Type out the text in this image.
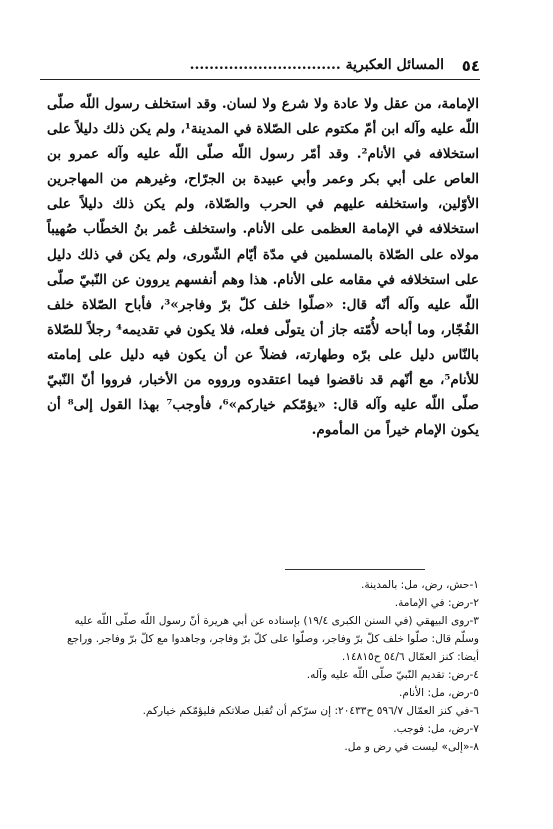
٥٤
المسائل العكبرية ...............................

الإمامة، من عقل ولا عادة ولا شرع ولا لسان. وقد استخلف رسول اللّه صلّى اللّه عليه وآله ابن أمّ مكتوم على الصّلاة في المدينة¹، ولم يكن ذلك دليلاً على استخلافه في الأنام². وقد أمّر رسول اللّه صلّى اللّه عليه وآله عمرو بن العاص على أبي بكر وعمر وأبي عبيدة بن الجرّاح، وغيرهم من المهاجرين الأوّلين، واستخلفه عليهم في الحرب والصّلاة، ولم يكن ذلك دليلاً على استخلافه في الإمامة العظمى على الأنام. واستخلف عُمر بنُ الخطّاب صُهيباً مولاه على الصّلاة بالمسلمين في مدّة أيّام الشّورى، ولم يكن في ذلك دليل على استخلافه في مقامه على الأنام. هذا وهم أنفسهم يروون عن النّبيّ صلّى اللّه عليه وآله أنّه قال: «صلّوا خلف كلّ برّ وفاجر»³، فأباح الصّلاة خلف الفُجّار، وما أباحه لأُمّته جاز أن يتولّى فعله، فلا يكون في تقديمه⁴ رجلاً للصّلاة بالنّاس دليل على برّه وطهارته، فضلاً عن أن يكون فيه دليل على إمامته للأنام⁵، مع أنّهم قد ناقضوا فيما اعتقدوه ورووه من الأخبار، فرووا أنّ النّبيّ صلّى اللّه عليه وآله قال: «يؤمّكم خياركم»⁶، فأوجب⁷ بهذا القول إلى⁸ أن يكون الإمام خيراً من المأموم.

١-حش، رض، مل: بالمدينة.

٢-رض: في الإمامة.

٣-روى البيهقي (في السنن الكبرى ١٩/٤) بإسناده عن أبي هريرة أنّ رسول اللّه صلّى اللّه عليه وسلّم قال: صلّوا خلف كلّ برّ وفاجر، وصلّوا على كلّ برّ وفاجر، وجاهدوا مع كلّ برّ وفاجر. وراجع أيضا: كنز العمّال ٥٤/٦ ح١٤٨١٥.

٤-رض: تقديم النّبيّ صلّى اللّه عليه وآله.

٥-رض، مل: الأنام.

٦-في كنز العمّال ٥٩٦/٧ ح٢٠٤٣٣: إن سرّكم أن تُقبل صلاتكم فليؤمّكم خياركم.

٧-رض، مل: فوجب.

٨-«إلى» ليست في رض و مل.
